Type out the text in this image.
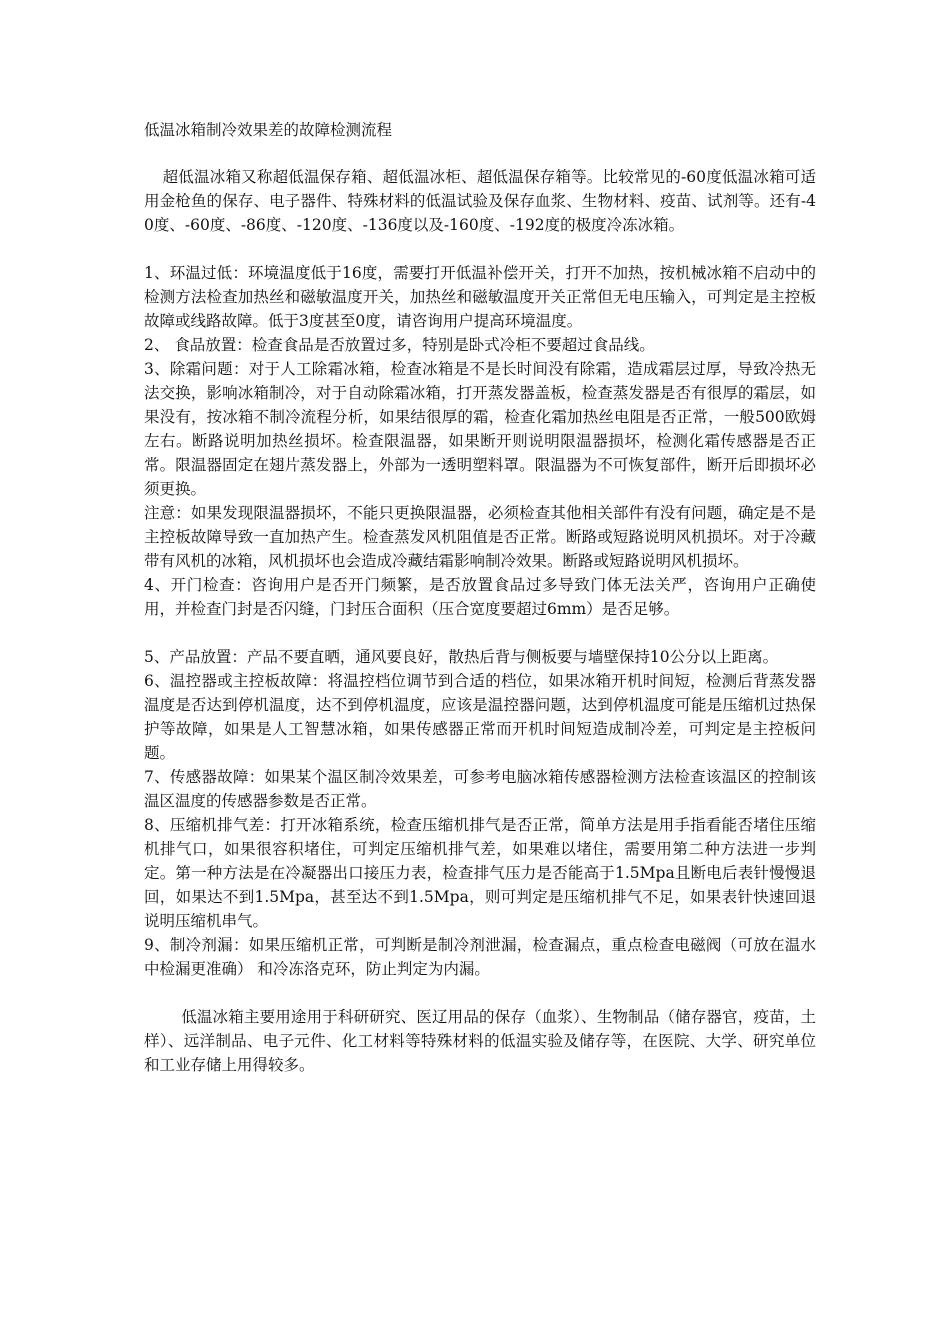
低温冰箱制冷效果差的故障检测流程

超低温冰箱又称超低温保存箱、超低温冰柜、超低温保存箱等。比较常见的-60度低温冰箱可适用金枪鱼的保存、电子器件、特殊材料的低温试验及保存血浆、生物材料、疫苗、试剂等。还有-40度、-60度、-86度、-120度、-136度以及-160度、-192度的极度冷冻冰箱。

1、环温过低：环境温度低于16度，需要打开低温补偿开关，打开不加热，按机械冰箱不启动中的检测方法检查加热丝和磁敏温度开关，加热丝和磁敏温度开关正常但无电压输入，可判定是主控板故障或线路故障。低于3度甚至0度，请咨询用户提高环境温度。

2、 食品放置：检查食品是否放置过多，特别是卧式冷柜不要超过食品线。

3、除霜问题：对于人工除霜冰箱，检查冰箱是不是长时间没有除霜，造成霜层过厚，导致冷热无法交换，影响冰箱制冷，对于自动除霜冰箱，打开蒸发器盖板，检查蒸发器是否有很厚的霜层，如果没有，按冰箱不制冷流程分析，如果结很厚的霜，检查化霜加热丝电阻是否正常，一般500欧姆左右。断路说明加热丝损坏。检查限温器，如果断开则说明限温器损坏，检测化霜传感器是否正常。限温器固定在翅片蒸发器上，外部为一透明塑料罩。限温器为不可恢复部件，断开后即损坏必须更换。

注意：如果发现限温器损坏，不能只更换限温器，必须检查其他相关部件有没有问题，确定是不是主控板故障导致一直加热产生。检查蒸发风机阻值是否正常。断路或短路说明风机损坏。对于冷藏带有风机的冰箱，风机损坏也会造成冷藏结霜影响制冷效果。断路或短路说明风机损坏。

4、开门检查：咨询用户是否开门频繁，是否放置食品过多导致门体无法关严，咨询用户正确使用，并检查门封是否闪缝，门封压合面积（压合宽度要超过6mm）是否足够。

5、产品放置：产品不要直晒，通风要良好，散热后背与侧板要与墙壁保持10公分以上距离。

6、温控器或主控板故障：将温控档位调节到合适的档位，如果冰箱开机时间短，检测后背蒸发器温度是否达到停机温度，达不到停机温度，应该是温控器问题，达到停机温度可能是压缩机过热保护等故障，如果是人工智慧冰箱，如果传感器正常而开机时间短造成制冷差，可判定是主控板问题。

7、传感器故障：如果某个温区制冷效果差，可参考电脑冰箱传感器检测方法检查该温区的控制该温区温度的传感器参数是否正常。

8、压缩机排气差：打开冰箱系统，检查压缩机排气是否正常，简单方法是用手指看能否堵住压缩机排气口，如果很容积堵住，可判定压缩机排气差，如果难以堵住，需要用第二种方法进一步判定。第一种方法是在冷凝器出口接压力表，检查排气压力是否能高于1.5Mpa且断电后表针慢慢退回，如果达不到1.5Mpa，甚至达不到1.5Mpa，则可判定是压缩机排气不足，如果表针快速回退说明压缩机串气。

9、制冷剂漏：如果压缩机正常，可判断是制冷剂泄漏，检查漏点，重点检查电磁阀（可放在温水中检漏更准确） 和冷冻洛克环，防止判定为内漏。

低温冰箱主要用途用于科研研究、医辽用品的保存（血浆）、生物制品（储存器官，疫苗，土样）、远洋制品、电子元件、化工材料等特殊材料的低温实验及储存等，在医院、大学、研究单位和工业存储上用得较多。
